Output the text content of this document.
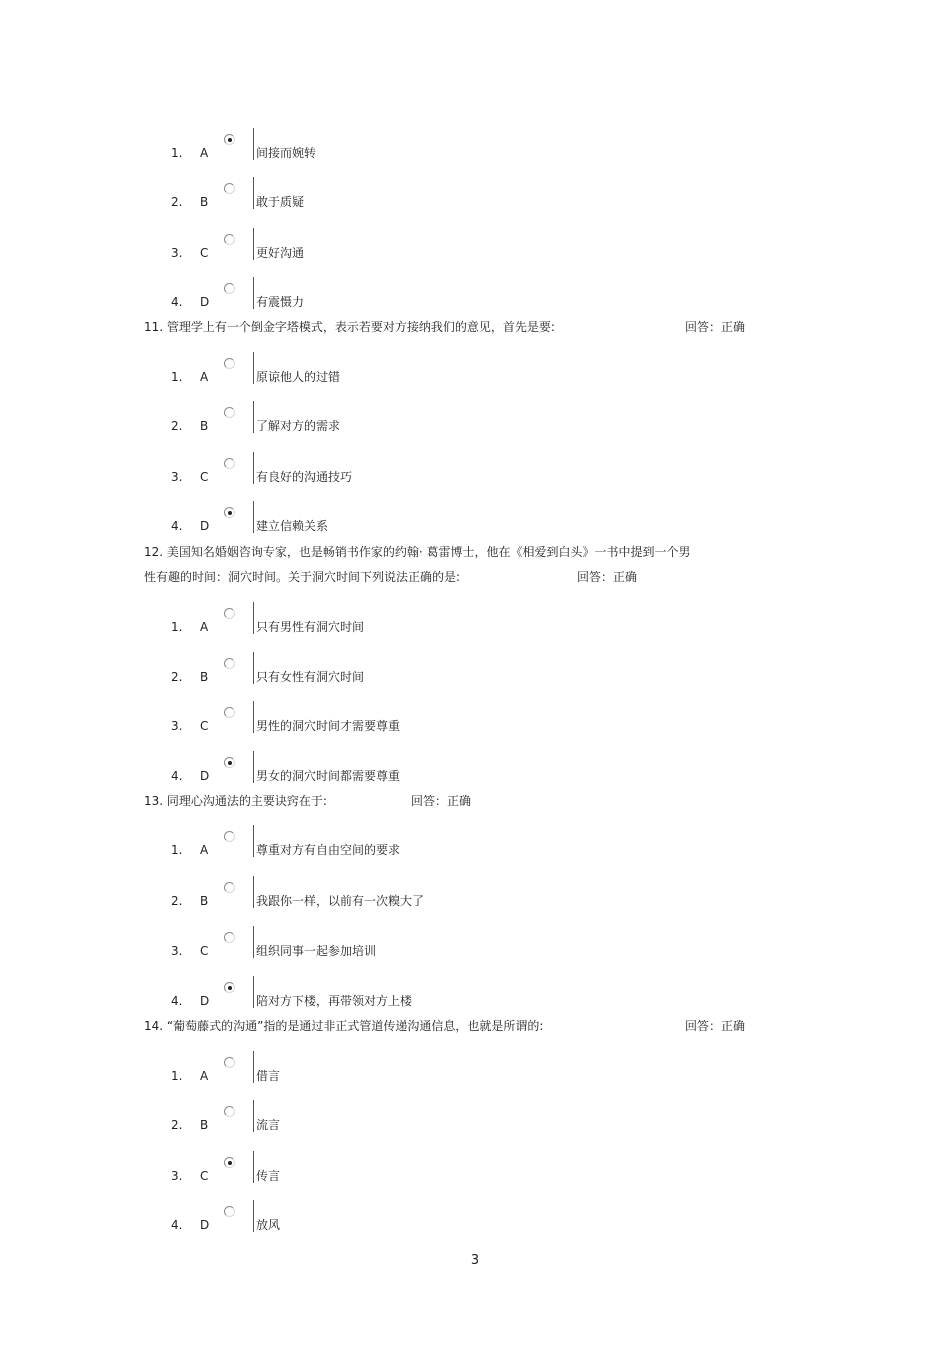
1. A	间接而婉转
2. B	敢于质疑
3. C	更好沟通
4. D	有震慑力
11. 管理学上有一个倒金字塔模式，表示若要对方接纳我们的意见，首先是要:	回答：正确
1. A	原谅他人的过错
2. B	了解对方的需求
3. C	有良好的沟通技巧
4. D	建立信赖关系
12. 美国知名婚姻咨询专家，也是畅销书作家的约翰· 葛雷博士，他在《相爱到白头》一书中提到一个男
性有趣的时间：洞穴时间。关于洞穴时间下列说法正确的是:	回答：正确
1. A	只有男性有洞穴时间
2. B	只有女性有洞穴时间
3. C	男性的洞穴时间才需要尊重
4. D	男女的洞穴时间都需要尊重
13. 同理心沟通法的主要诀窍在于:	回答：正确
1. A	尊重对方有自由空间的要求
2. B	我跟你一样，以前有一次糗大了
3. C	组织同事一起参加培训
4. D	陪对方下楼，再带领对方上楼
14. “葡萄藤式的沟通”指的是通过非正式管道传递沟通信息，也就是所谓的:	回答：正确
1. A	借言
2. B	流言
3. C	传言
4. D	放风
3
